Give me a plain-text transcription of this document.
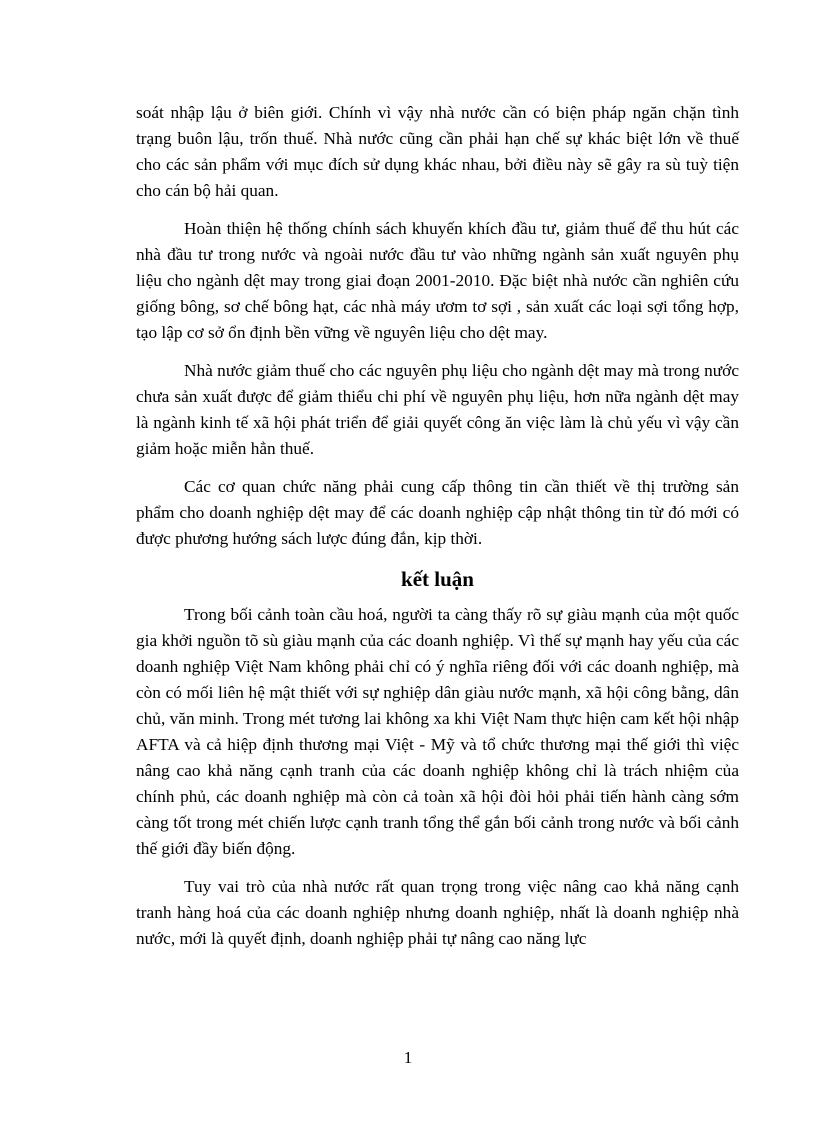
soát nhập lậu ở biên giới. Chính vì vậy nhà nước cần có biện pháp ngăn chặn tình trạng buôn lậu, trốn thuế. Nhà nước cũng cần phải hạn chế sự khác biệt lớn về thuế cho các sản phẩm với mục đích sử dụng khác nhau, bởi điều này sẽ gây ra sù tuỳ tiện cho cán bộ hải quan.

Hoàn thiện hệ thống chính sách khuyến khích đầu tư, giảm thuế để thu hút các nhà đầu tư trong nước và ngoài nước đầu tư vào những ngành sản xuất nguyên phụ liệu cho ngành dệt may trong giai đoạn 2001-2010. Đặc biệt nhà nước cần nghiên cứu giống bông, sơ chế bông hạt, các nhà máy ươm tơ sợi , sản xuất các loại sợi tổng hợp, tạo lập cơ sở ổn định bền vững về nguyên liệu cho dệt may.

Nhà nước giảm thuế cho các nguyên phụ liệu cho ngành dệt may mà trong nước chưa sản xuất được để giảm thiểu chi phí về nguyên phụ liệu, hơn nữa ngành dệt may là ngành kinh tế xã hội phát triển để giải quyết công ăn việc làm là chủ yếu vì vậy cần giảm hoặc miễn hẳn thuế.

Các cơ quan chức năng phải cung cấp thông tin cần thiết về thị trường sản phẩm cho doanh nghiệp dệt may để các doanh nghiệp cập nhật thông tin từ đó mới có được phương hướng sách lược đúng đắn, kịp thời.

kết luận

Trong bối cảnh toàn cầu hoá, người ta càng thấy rõ sự giàu mạnh của một quốc gia khởi nguồn tõ sù giàu mạnh của các doanh nghiệp. Vì thế sự mạnh hay yếu của các doanh nghiệp Việt Nam không phải chỉ có ý nghĩa riêng đối với các doanh nghiệp, mà còn có mối liên hệ mật thiết với sự nghiệp dân giàu nước mạnh, xã hội công bằng, dân chủ, văn minh. Trong mét tương lai không xa khi Việt Nam thực hiện cam kết hội nhập AFTA và cả hiệp định thương mại Việt - Mỹ và tổ chức thương mại thế giới thì việc nâng cao khả năng cạnh tranh của các doanh nghiệp không chỉ là trách nhiệm của chính phủ, các doanh nghiệp mà còn cả toàn xã hội đòi hỏi phải tiến hành càng sớm càng tốt trong mét chiến lược cạnh tranh tổng thể gắn bối cảnh trong nước và bối cảnh thế giới đầy biến động.

Tuy vai trò của nhà nước rất quan trọng trong việc nâng cao khả năng cạnh tranh hàng hoá của các doanh nghiệp nhưng doanh nghiệp, nhất là doanh nghiệp nhà nước, mới là quyết định, doanh nghiệp phải tự nâng cao năng lực

1
